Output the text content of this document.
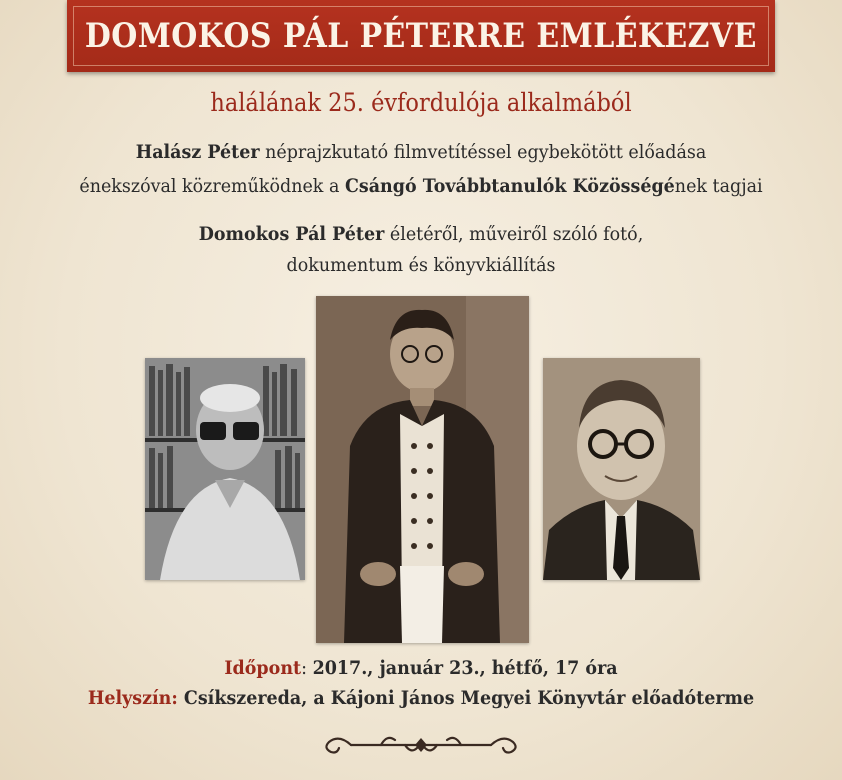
DOMOKOS PÁL PÉTERRE EMLÉKEZVE
halálának 25. évfordulója alkalmából
Halász Péter néprajzkutató filmvetítéssel egybekötött előadása
énekszóval közreműködnek a Csángó Továbbtanulók Közösségének tagjai
Domokos Pál Péter életéről, műveiről szóló fotó,
dokumentum és könyvkiállítás
Időpont: 2017., január 23., hétfő, 17 óra
Helyszín: Csíkszereda, a Kájoni János Megyei Könyvtár előadóterme
